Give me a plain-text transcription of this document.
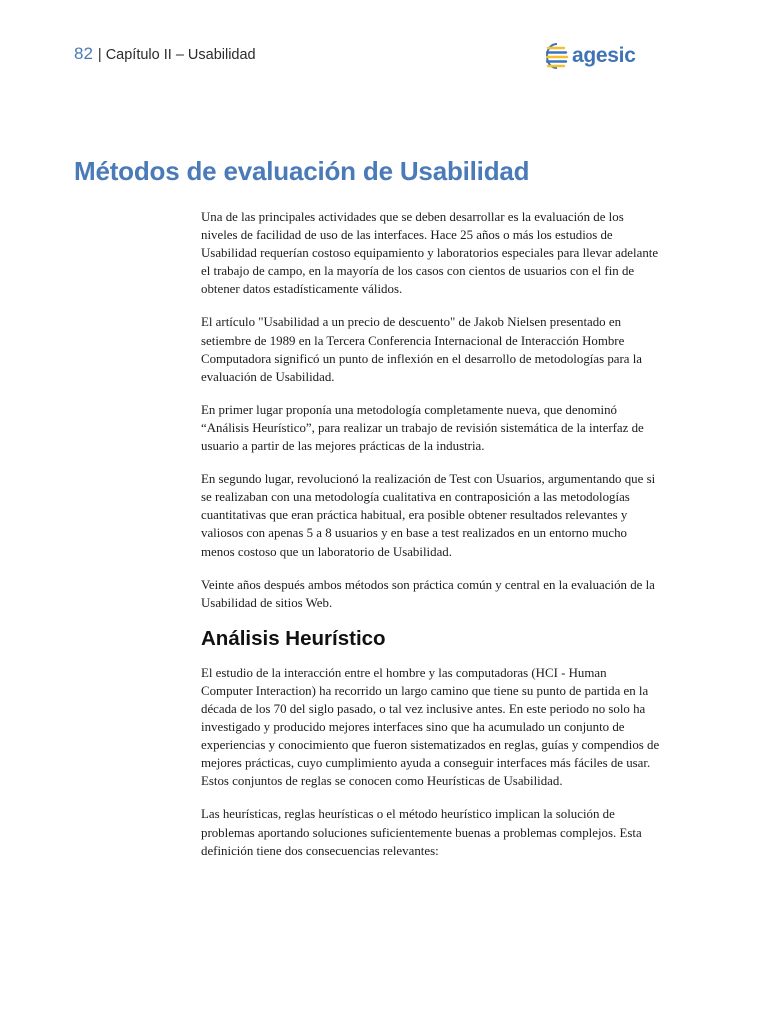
82 | Capítulo II – Usabilidad	agesic
Métodos de evaluación de Usabilidad

Una de las principales actividades que se deben desarrollar es la evaluación de los niveles de facilidad de uso de las interfaces. Hace 25 años o más los estudios de Usabilidad requerían costoso equipamiento y laboratorios especiales para llevar adelante el trabajo de campo, en la mayoría de los casos con cientos de usuarios con el fin de obtener datos estadísticamente válidos.

El artículo "Usabilidad a un precio de descuento" de Jakob Nielsen presentado en setiembre de 1989 en la Tercera Conferencia Internacional de Interacción Hombre Computadora significó un punto de inflexión en el desarrollo de metodologías para la evaluación de Usabilidad.

En primer lugar proponía una metodología completamente nueva, que denominó “Análisis Heurístico”, para realizar un trabajo de revisión sistemática de la interfaz de usuario a partir de las mejores prácticas de la industria.

En segundo lugar, revolucionó la realización de Test con Usuarios, argumentando que si se realizaban con una metodología cualitativa en contraposición a las metodologías cuantitativas que eran práctica habitual, era posible obtener resultados relevantes y valiosos con apenas 5 a 8 usuarios y en base a test realizados en un entorno mucho menos costoso que un laboratorio de Usabilidad.

Veinte años después ambos métodos son práctica común y central en la evaluación de la Usabilidad de sitios Web.

Análisis Heurístico

El estudio de la interacción entre el hombre y las computadoras (HCI - Human Computer Interaction) ha recorrido un largo camino que tiene su punto de partida en la década de los 70 del siglo pasado, o tal vez inclusive antes. En este periodo no solo ha investigado y producido mejores interfaces sino que ha acumulado un conjunto de experiencias y conocimiento que fueron sistematizados en reglas, guías y compendios de mejores prácticas, cuyo cumplimiento ayuda a conseguir interfaces más fáciles de usar. Estos conjuntos de reglas se conocen como Heurísticas de Usabilidad.

Las heurísticas, reglas heurísticas o el método heurístico implican la solución de problemas aportando soluciones suficientemente buenas a problemas complejos. Esta definición tiene dos consecuencias relevantes:
